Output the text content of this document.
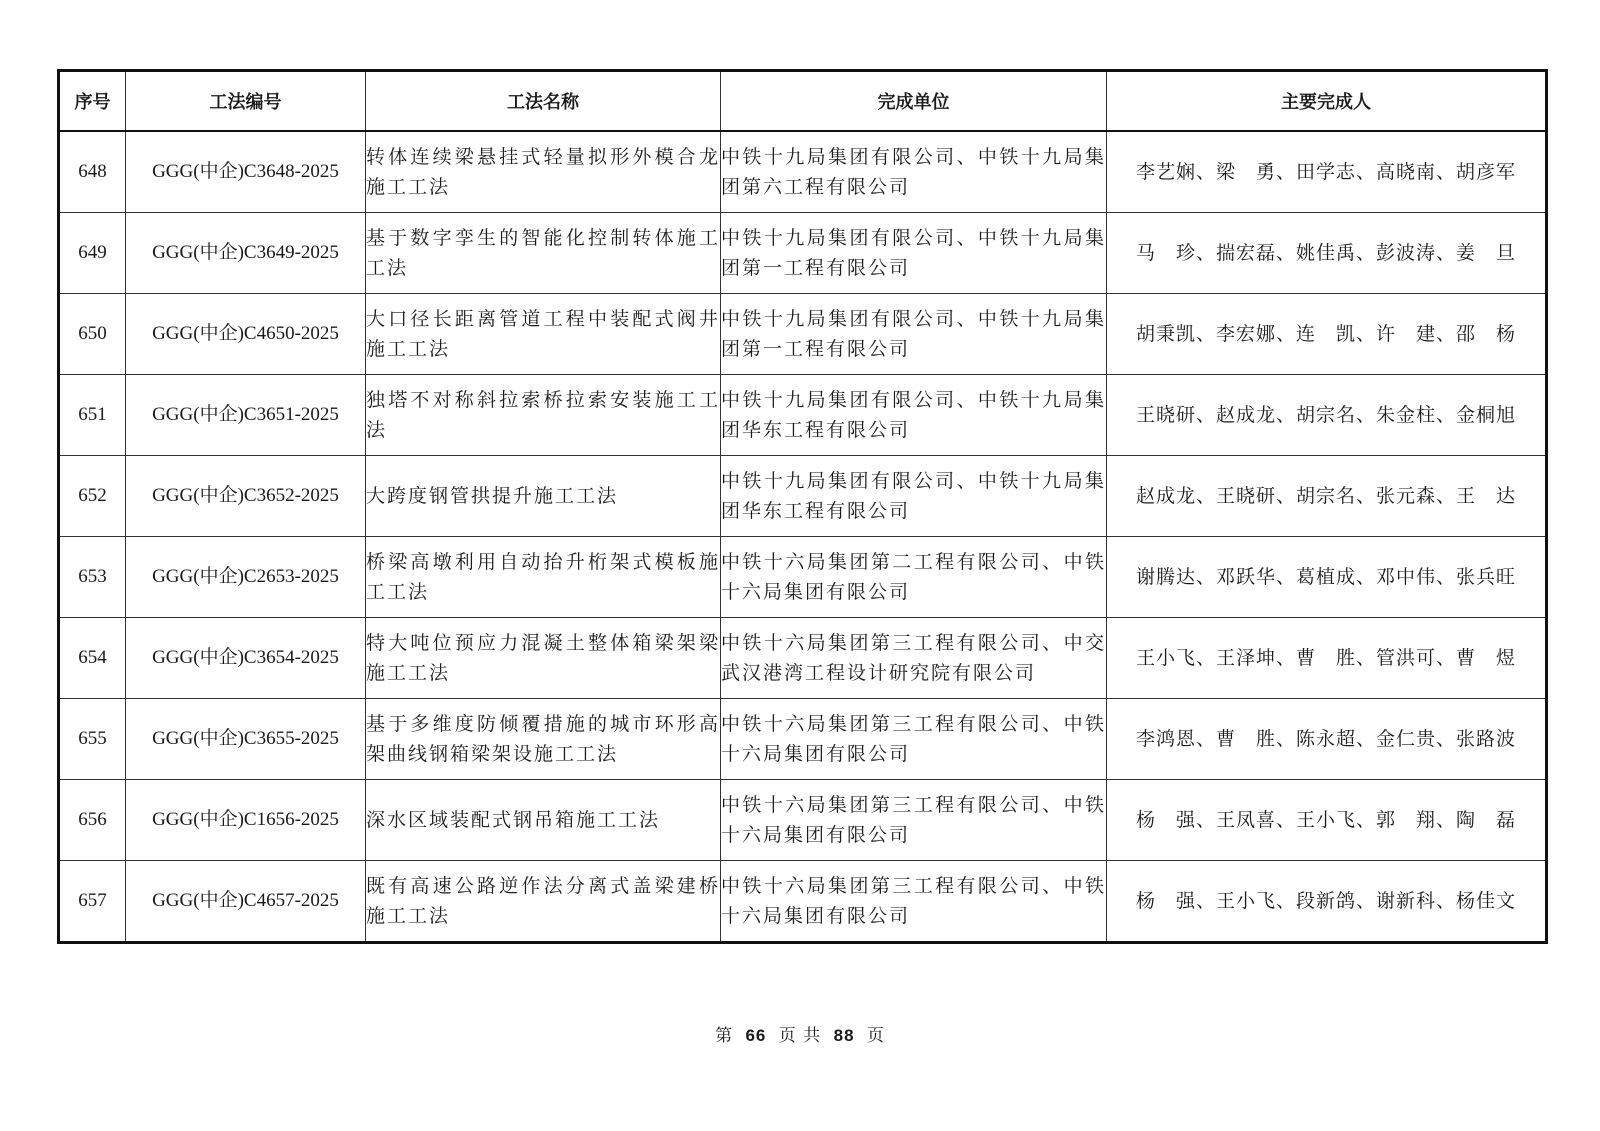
序号	工法编号	工法名称	完成单位	主要完成人
648	GGG(中企)C3648-2025	转体连续梁悬挂式轻量拟形外模合龙施工工法	中铁十九局集团有限公司、中铁十九局集团第六工程有限公司	李艺娴、梁　勇、田学志、高晓南、胡彦军
649	GGG(中企)C3649-2025	基于数字孪生的智能化控制转体施工工法	中铁十九局集团有限公司、中铁十九局集团第一工程有限公司	马　珍、揣宏磊、姚佳禹、彭波涛、姜　旦
650	GGG(中企)C4650-2025	大口径长距离管道工程中装配式阀井施工工法	中铁十九局集团有限公司、中铁十九局集团第一工程有限公司	胡秉凯、李宏娜、连　凯、许　建、邵　杨
651	GGG(中企)C3651-2025	独塔不对称斜拉索桥拉索安装施工工法	中铁十九局集团有限公司、中铁十九局集团华东工程有限公司	王晓研、赵成龙、胡宗名、朱金柱、金桐旭
652	GGG(中企)C3652-2025	大跨度钢管拱提升施工工法	中铁十九局集团有限公司、中铁十九局集团华东工程有限公司	赵成龙、王晓研、胡宗名、张元森、王　达
653	GGG(中企)C2653-2025	桥梁高墩利用自动抬升桁架式模板施工工法	中铁十六局集团第二工程有限公司、中铁十六局集团有限公司	谢腾达、邓跃华、葛植成、邓中伟、张兵旺
654	GGG(中企)C3654-2025	特大吨位预应力混凝土整体箱梁架梁施工工法	中铁十六局集团第三工程有限公司、中交武汉港湾工程设计研究院有限公司	王小飞、王泽坤、曹　胜、管洪可、曹　煜
655	GGG(中企)C3655-2025	基于多维度防倾覆措施的城市环形高架曲线钢箱梁架设施工工法	中铁十六局集团第三工程有限公司、中铁十六局集团有限公司	李鸿恩、曹　胜、陈永超、金仁贵、张路波
656	GGG(中企)C1656-2025	深水区域装配式钢吊箱施工工法	中铁十六局集团第三工程有限公司、中铁十六局集团有限公司	杨　强、王凤喜、王小飞、郭　翔、陶　磊
657	GGG(中企)C4657-2025	既有高速公路逆作法分离式盖梁建桥施工工法	中铁十六局集团第三工程有限公司、中铁十六局集团有限公司	杨　强、王小飞、段新鸽、谢新科、杨佳文
第 66 页 共 88 页
